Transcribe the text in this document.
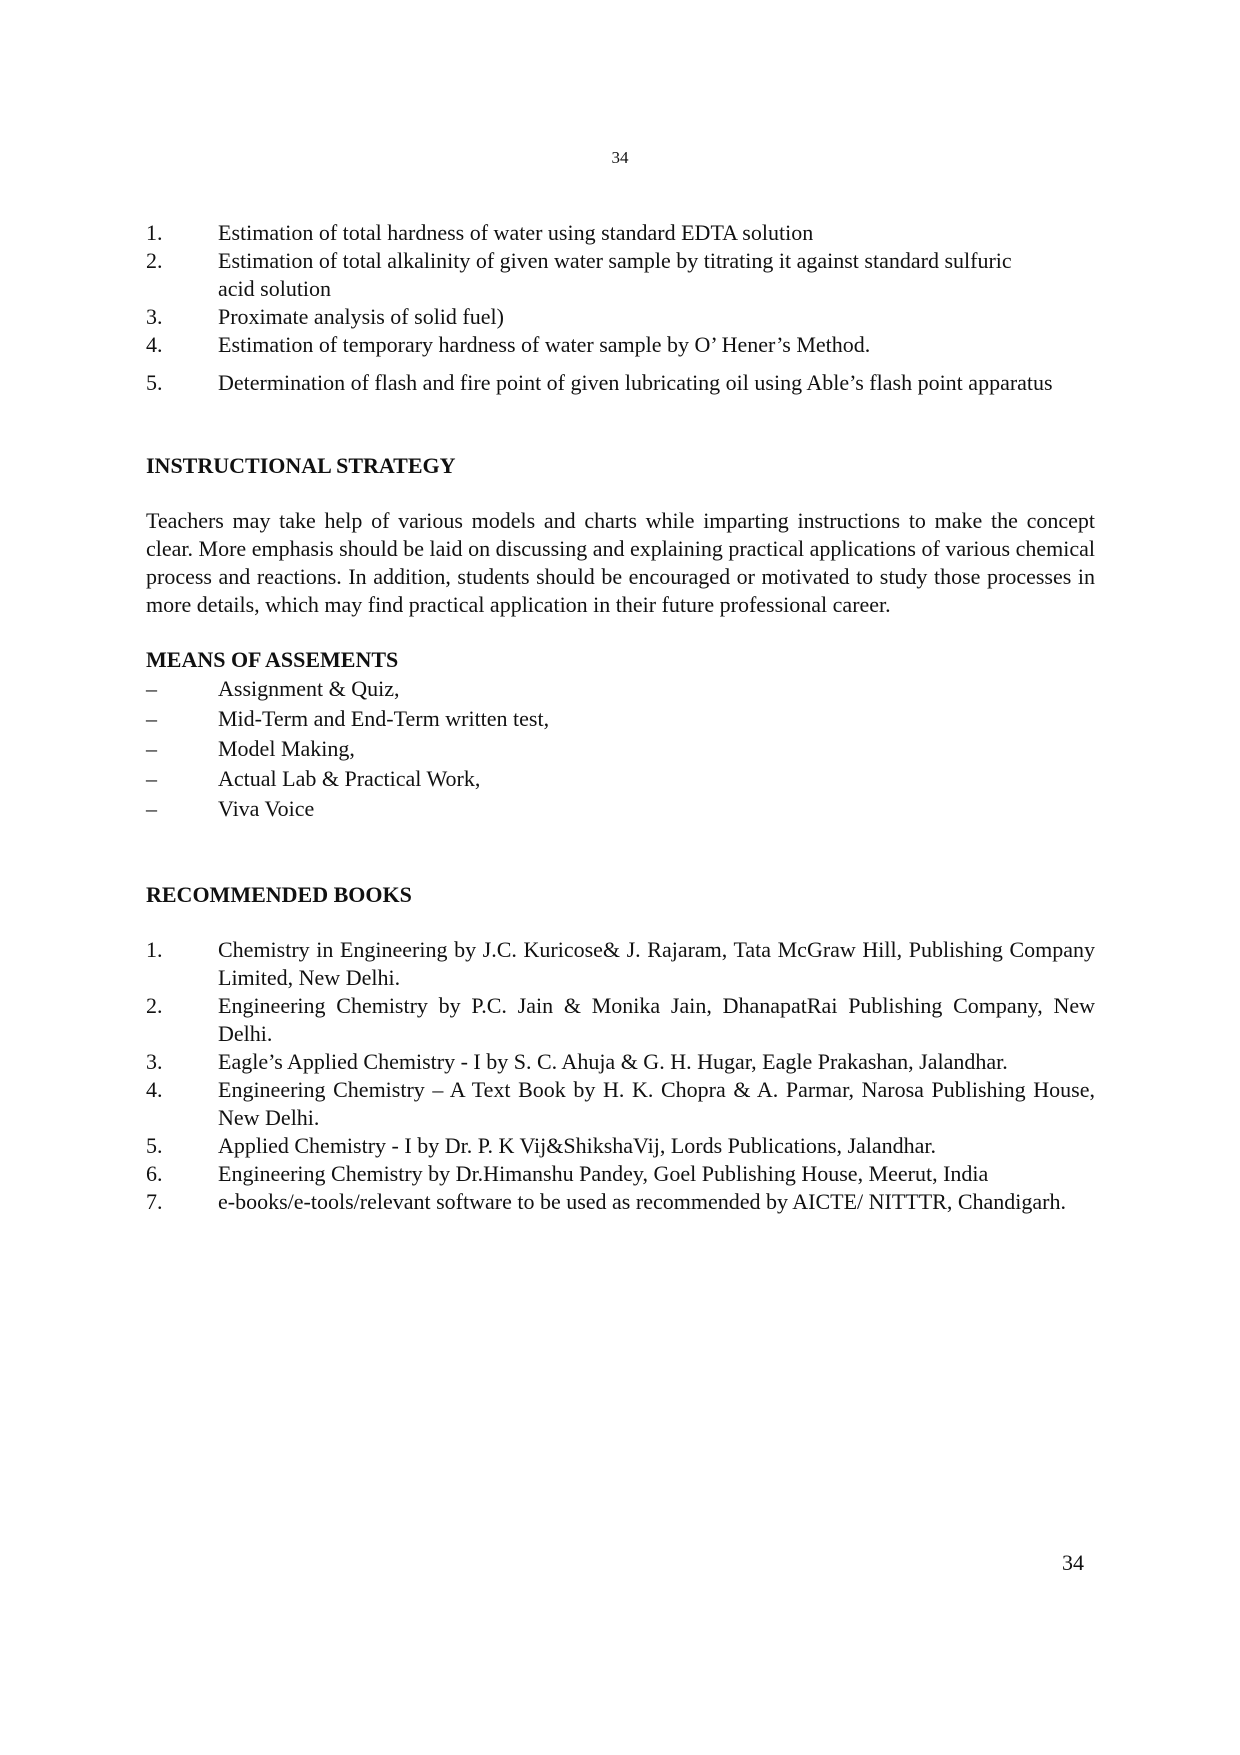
34
1.	Estimation of total hardness of water using standard EDTA solution
2.	Estimation of total alkalinity of given water sample by titrating it against standard sulfuric acid solution
3.	Proximate analysis of solid fuel)
4.	Estimation of temporary hardness of water sample by O’ Hener’s Method.
5.	Determination of flash and fire point of given lubricating oil using Able’s flash point apparatus
INSTRUCTIONAL STRATEGY

Teachers may take help of various models and charts while imparting instructions to make the concept clear. More emphasis should be laid on discussing and explaining practical applications of various chemical process and reactions. In addition, students should be encouraged or motivated to study those processes in more details, which may find practical application in their future professional career.

MEANS OF ASSEMENTS
–	Assignment & Quiz,
–	Mid-Term and End-Term written test,
–	Model Making,
–	Actual Lab & Practical Work,
–	Viva Voice
RECOMMENDED BOOKS
1.	Chemistry in Engineering by J.C. Kuricose& J. Rajaram, Tata McGraw Hill, Publishing Company Limited, New Delhi.
2.	Engineering Chemistry by P.C. Jain & Monika Jain, DhanapatRai Publishing Company, New Delhi.
3.	Eagle’s Applied Chemistry - I by S. C. Ahuja & G. H. Hugar, Eagle Prakashan, Jalandhar.
4.	Engineering Chemistry – A Text Book by H. K. Chopra & A. Parmar, Narosa Publishing House, New Delhi.
5.	Applied Chemistry - I by Dr. P. K Vij&ShikshaVij, Lords Publications, Jalandhar.
6.	Engineering Chemistry by Dr.Himanshu Pandey, Goel Publishing House, Meerut, India
7.	e-books/e-tools/relevant software to be used as recommended by AICTE/ NITTTR, Chandigarh.
34
